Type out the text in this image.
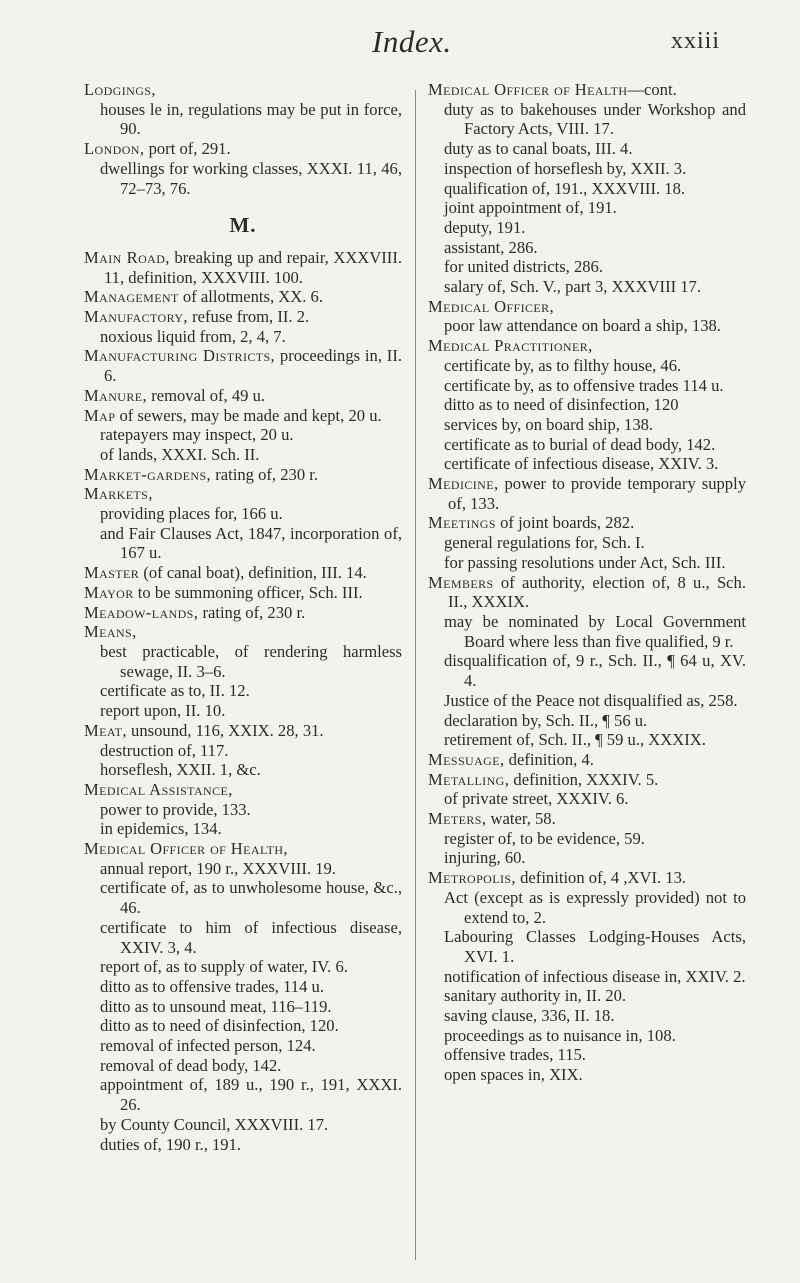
Index.	xxiii

Lodgings,

houses le in, regulations may be put in force, 90.

London, port of, 291.

dwellings for working classes, XXXI. 11, 46, 72–73, 76.

M.

Main Road, breaking up and repair, XXXVIII. 11, definition, XXXVIII. 100.

Management of allotments, XX. 6.

Manufactory, refuse from, II. 2.

noxious liquid from, 2, 4, 7.

Manufacturing Districts, proceedings in, II. 6.

Manure, removal of, 49 u.

Map of sewers, may be made and kept, 20 u.

ratepayers may inspect, 20 u.

of lands, XXXI. Sch. II.

Market-gardens, rating of, 230 r.

Markets,

providing places for, 166 u.

and Fair Clauses Act, 1847, incorporation of, 167 u.

Master (of canal boat), definition, III. 14.

Mayor to be summoning officer, Sch. III.

Meadow-lands, rating of, 230 r.

Means,

best practicable, of rendering harmless sewage, II. 3–6.

certificate as to, II. 12.

report upon, II. 10.

Meat, unsound, 116, XXIX. 28, 31.

destruction of, 117.

horseflesh, XXII. 1, &c.

Medical Assistance,

power to provide, 133.

in epidemics, 134.

Medical Officer of Health,

annual report, 190 r., XXXVIII. 19.

certificate of, as to unwholesome house, &c., 46.

certificate to him of infectious disease, XXIV. 3, 4.

report of, as to supply of water, IV. 6.

ditto as to offensive trades, 114 u.

ditto as to unsound meat, 116–119.

ditto as to need of disinfection, 120.

removal of infected person, 124.

removal of dead body, 142.

appointment of, 189 u., 190 r., 191, XXXI. 26.

by County Council, XXXVIII. 17.

duties of, 190 r., 191.

Medical Officer of Health—cont.

duty as to bakehouses under Workshop and Factory Acts, VIII. 17.

duty as to canal boats, III. 4.

inspection of horseflesh by, XXII. 3.

qualification of, 191., XXXVIII. 18.

joint appointment of, 191.

deputy, 191.

assistant, 286.

for united districts, 286.

salary of, Sch. V., part 3, XXXVIII 17.

Medical Officer,

poor law attendance on board a ship, 138.

Medical Practitioner,

certificate by, as to filthy house, 46.

certificate by, as to offensive trades 114 u.

ditto as to need of disinfection, 120

services by, on board ship, 138.

certificate as to burial of dead body, 142.

certificate of infectious disease, XXIV. 3.

Medicine, power to provide temporary supply of, 133.

Meetings of joint boards, 282.

general regulations for, Sch. I.

for passing resolutions under Act, Sch. III.

Members of authority, election of, 8 u., Sch. II., XXXIX.

may be nominated by Local Government Board where less than five qualified, 9 r.

disqualification of, 9 r., Sch. II., ¶ 64 u, XV. 4.

Justice of the Peace not disqualified as, 258.

declaration by, Sch. II., ¶ 56 u.

retirement of, Sch. II., ¶ 59 u., XXXIX.

Messuage, definition, 4.

Metalling, definition, XXXIV. 5.

of private street, XXXIV. 6.

Meters, water, 58.

register of, to be evidence, 59.

injuring, 60.

Metropolis, definition of, 4 ,XVI. 13.

Act (except as is expressly provided) not to extend to, 2.

Labouring Classes Lodging-Houses Acts, XVI. 1.

notification of infectious disease in, XXIV. 2.

sanitary authority in, II. 20.

saving clause, 336, II. 18.

proceedings as to nuisance in, 108.

offensive trades, 115.

open spaces in, XIX.
